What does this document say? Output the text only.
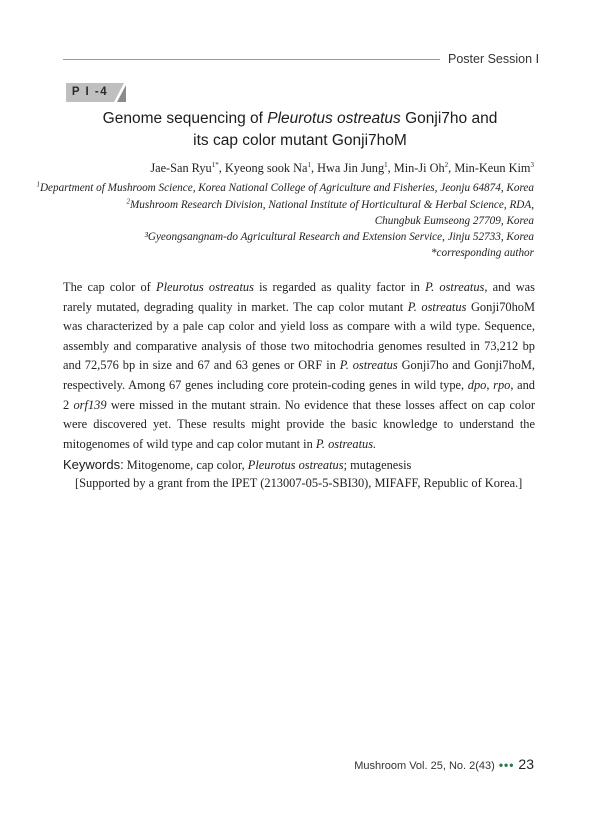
Poster Session Ⅰ
P I -4
Genome sequencing of Pleurotus ostreatus Gonji7ho and
its cap color mutant Gonji7hoM
Jae-San Ryu$^{1*}$, Kyeong sook Na$^1$, Hwa Jin Jung$^1$, Min-Ji Oh$^2$, Min-Keun Kim$^3$
$^1$Department of Mushroom Science, Korea National College of Agriculture and Fisheries, Jeonju 64874, Korea
$^2$Mushroom Research Division, National Institute of Horticultural & Herbal Science, RDA,
Chungbuk Eumseong 27709, Korea
³Gyeongsangnam-do Agricultural Research and Extension Service, Jinju 52733, Korea
*corresponding author
The cap color of Pleurotus ostreatus is regarded as quality factor in P. ostreatus, and was rarely mutated, degrading quality in market. The cap color mutant P. ostreatus Gonji70hoM was characterized by a pale cap color and yield loss as compare with a wild type. Sequence, assembly and comparative analysis of those two mitochodria genomes resulted in 73,212 bp and 72,576 bp in size and 67 and 63 genes or ORF in P. ostreatus Gonji7ho and Gonji7hoM, respectively. Among 67 genes including core protein-coding genes in wild type, dpo, rpo, and 2 orf139 were missed in the mutant strain. No evidence that these losses affect on cap color were discovered yet. These results might provide the basic knowledge to understand the mitogenomes of wild type and cap color mutant in P. ostreatus.
Keywords: Mitogenome, cap color, Pleurotus ostreatus; mutagenesis
[Supported by a grant from the IPET (213007-05-5-SBI30), MIFAFF, Republic of Korea.]
Mushroom Vol. 25, No. 2(43) ••• 23
